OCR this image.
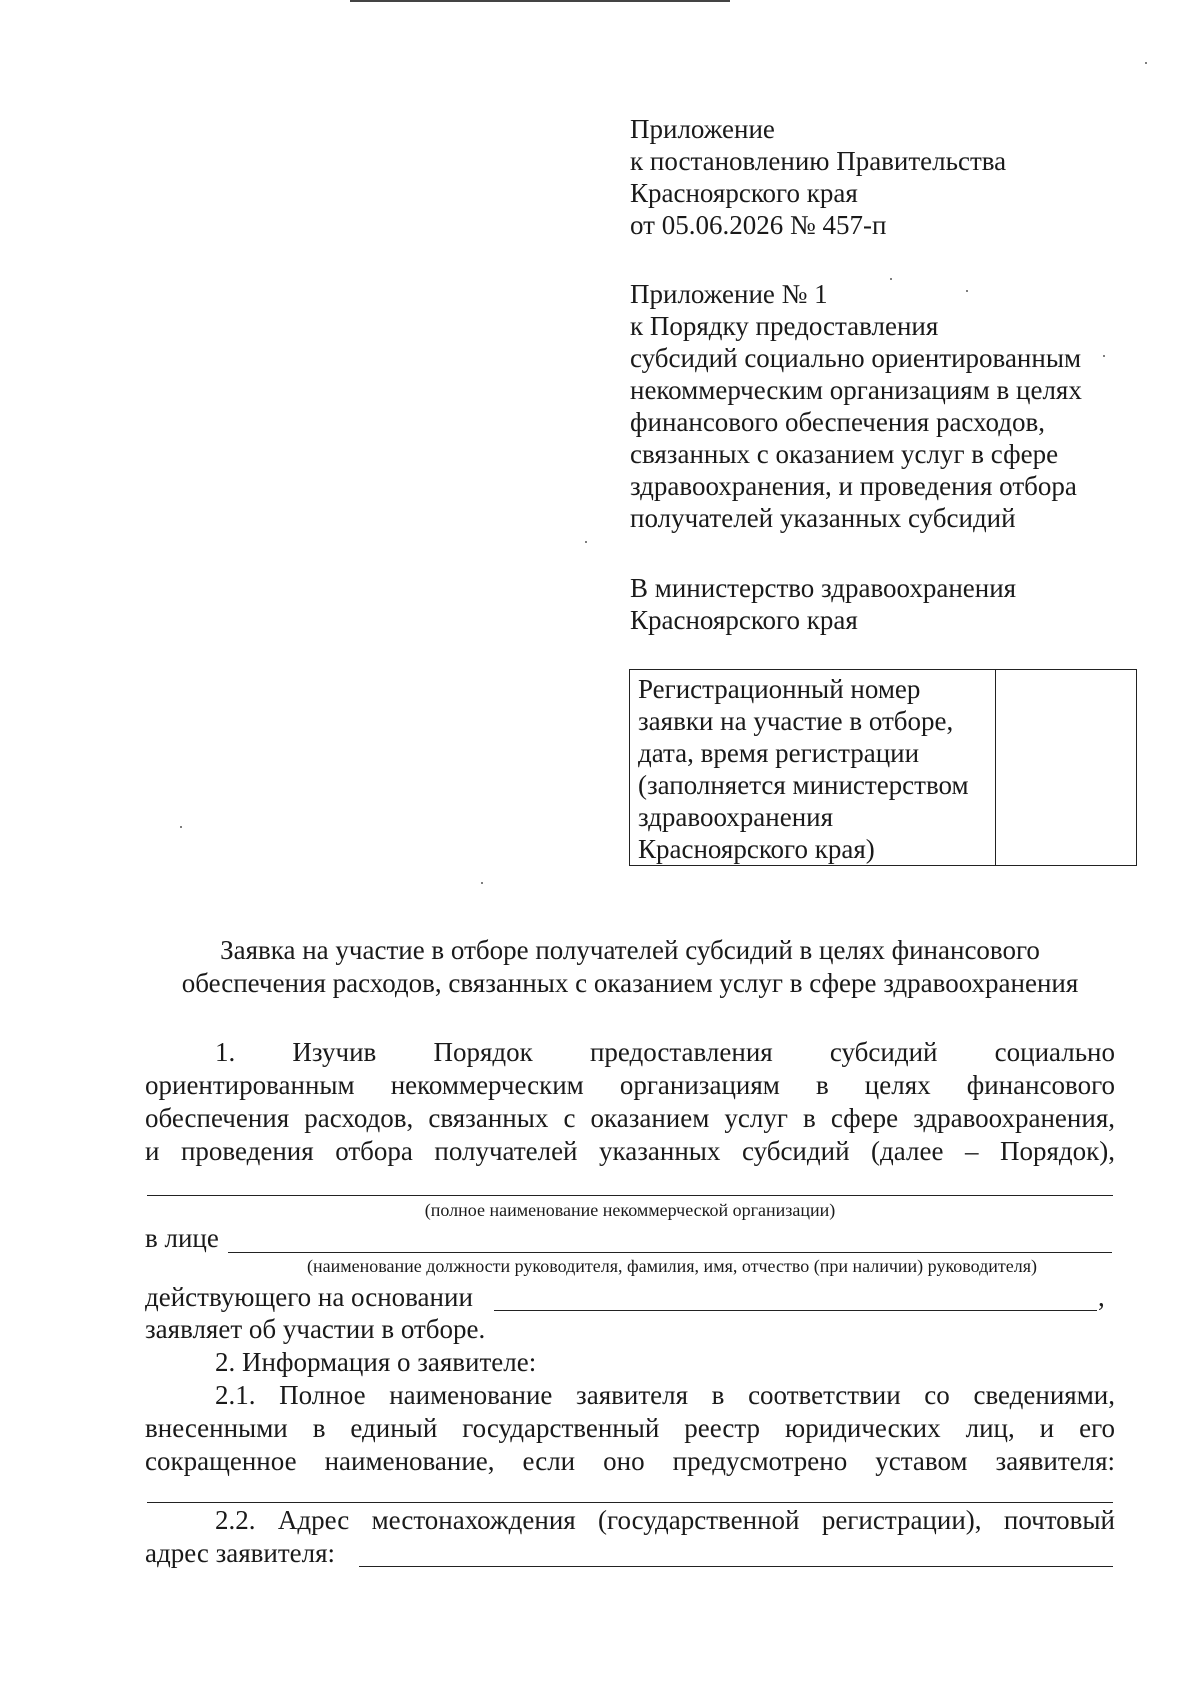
Приложение
к постановлению Правительства
Красноярского края
от 05.06.2026 № 457-п
Приложение № 1
к Порядку предоставления
субсидий социально ориентированным
некоммерческим организациям в целях
финансового обеспечения расходов,
связанных с оказанием услуг в сфере
здравоохранения, и проведения отбора
получателей указанных субсидий
В министерство здравоохранения
Красноярского края
Регистрационный номер
заявки на участие в отборе,
дата, время регистрации
(заполняется министерством
здравоохранения
Красноярского края)
Заявка на участие в отборе получателей субсидий в целях финансового
обеспечения расходов, связанных с оказанием услуг в сфере здравоохранения
1. Изучив Порядок предоставления субсидий социально
ориентированным некоммерческим организациям в целях финансового
обеспечения расходов, связанных с оказанием услуг в сфере здравоохранения,
и проведения отбора получателей указанных субсидий (далее – Порядок),
(полное наименование некоммерческой организации)
в лице
(наименование должности руководителя, фамилия, имя, отчество (при наличии) руководителя)
действующего на основании	,
заявляет об участии в отборе.
2. Информация о заявителе:
2.1. Полное наименование заявителя в соответствии со сведениями,
внесенными в единый государственный реестр юридических лиц, и его
сокращенное наименование, если оно предусмотрено уставом заявителя:
2.2. Адрес местонахождения (государственной регистрации), почтовый
адрес заявителя:
